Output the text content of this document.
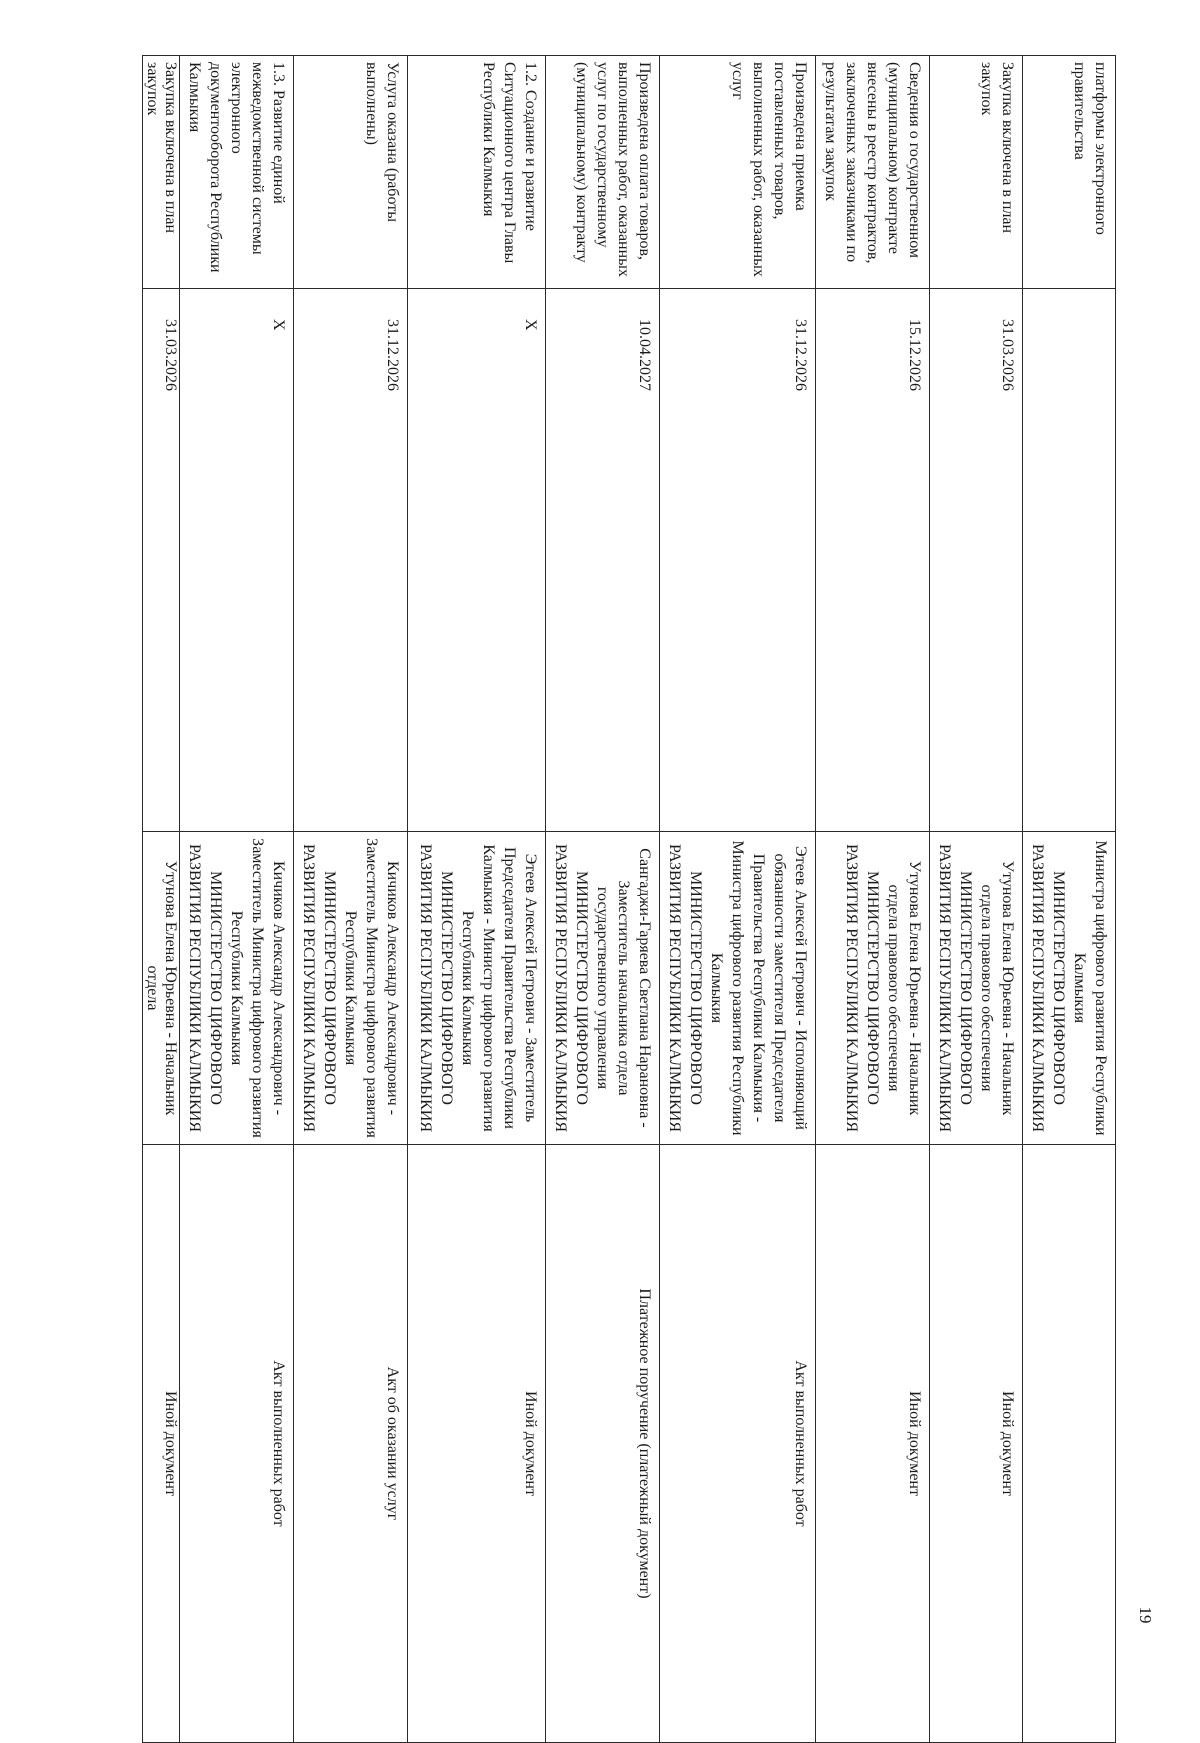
платформы электронного правительства		Министра цифрового развития Республики Калмыкия
МИНИСТЕРСТВО ЦИФРОВОГО РАЗВИТИЯ РЕСПУБЛИКИ КАЛМЫКИЯ	
Закупка включена в план закупок	31.03.2026	Утунова Елена Юрьевна - Начальник отдела правового обеспечения
МИНИСТЕРСТВО ЦИФРОВОГО РАЗВИТИЯ РЕСПУБЛИКИ КАЛМЫКИЯ	Иной документ
Сведения о государственном (муниципальном) контракте внесены в реестр контрактов, заключенных заказчиками по результатам закупок	15.12.2026	Утунова Елена Юрьевна - Начальник отдела правового обеспечения
МИНИСТЕРСТВО ЦИФРОВОГО РАЗВИТИЯ РЕСПУБЛИКИ КАЛМЫКИЯ	Иной документ
Произведена приемка поставленных товаров, выполненных работ, оказанных услуг	31.12.2026	Этеев Алексей Петрович - Исполняющий обязанности заместителя Председателя Правительства Республики Калмыкия - Министра цифрового развития Республики Калмыкия
МИНИСТЕРСТВО ЦИФРОВОГО РАЗВИТИЯ РЕСПУБЛИКИ КАЛМЫКИЯ	Акт выполненных работ
Произведена оплата товаров, выполненных работ, оказанных услуг по государственному (муниципальному) контракту	10.04.2027	Сангаджи-Гаряева Светлана Нарановна - Заместитель начальника отдела государственного управления
МИНИСТЕРСТВО ЦИФРОВОГО РАЗВИТИЯ РЕСПУБЛИКИ КАЛМЫКИЯ	Платежное поручение (платежный документ)
1.2. Создание и развитие Ситуационного центра Главы Республики Калмыкия	X	Этеев Алексей Петрович - Заместитель Председателя Правительства Республики Калмыкия - Министр цифрового развития Республики Калмыкия
МИНИСТЕРСТВО ЦИФРОВОГО РАЗВИТИЯ РЕСПУБЛИКИ КАЛМЫКИЯ	Иной документ
Услуга оказана (работы выполнены)	31.12.2026	Кичиков Александр Александрович - Заместитель Министра цифрового развития Республики Калмыкия
МИНИСТЕРСТВО ЦИФРОВОГО РАЗВИТИЯ РЕСПУБЛИКИ КАЛМЫКИЯ	Акт об оказании услуг
1.3. Развитие единой межведомственной системы электронного документооборота Республики Калмыкия	X	Кичиков Александр Александрович - Заместитель Министра цифрового развития Республики Калмыкия
МИНИСТЕРСТВО ЦИФРОВОГО РАЗВИТИЯ РЕСПУБЛИКИ КАЛМЫКИЯ	Акт выполненных работ
Закупка включена в план закупок	31.03.2026	Утунова Елена Юрьевна - Начальник отдела	Иной документ
19
